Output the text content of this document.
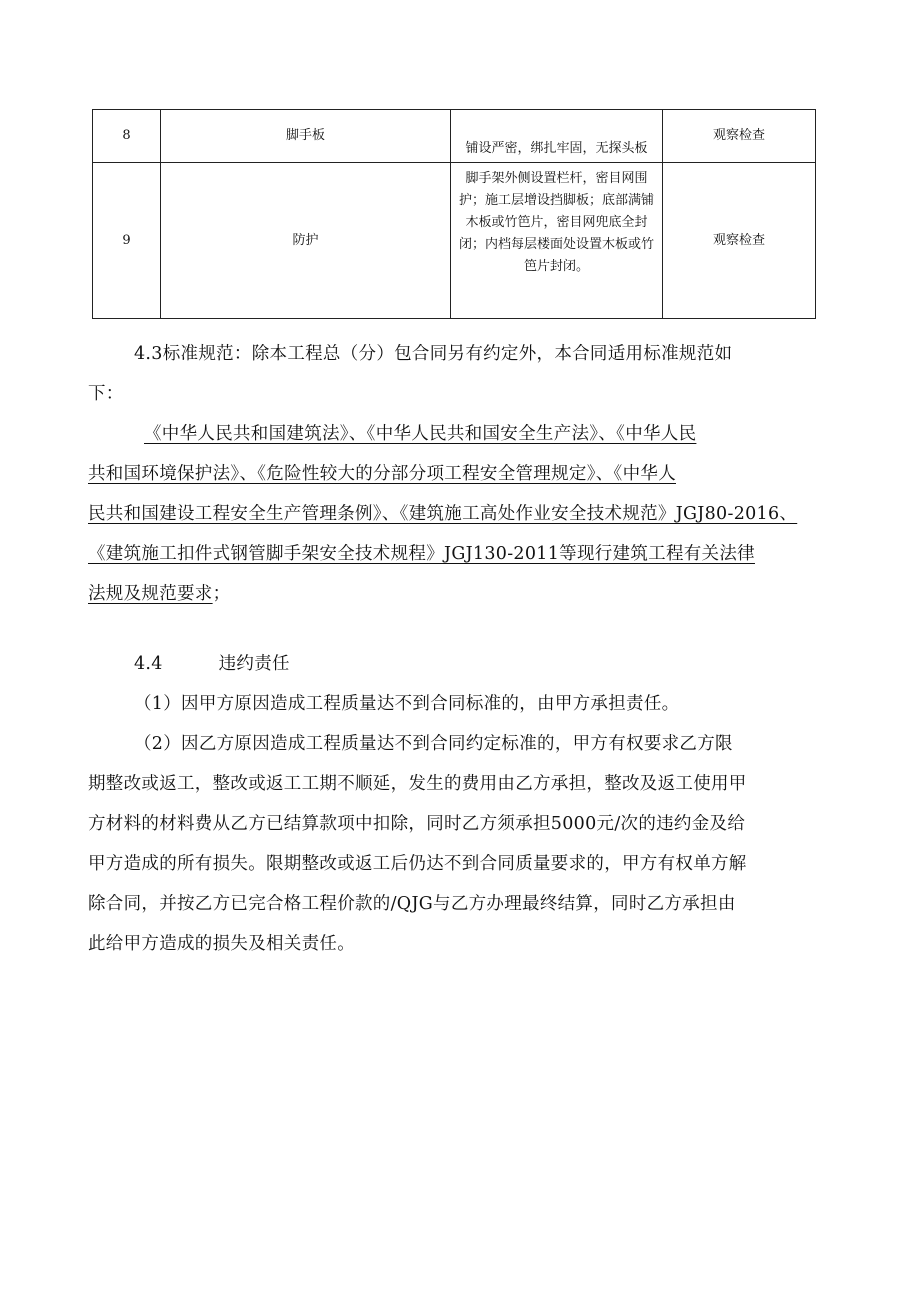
8	脚手板	铺设严密，绑扎牢固，无探头板	观察检查
9	防护	脚手架外侧设置栏杆，密目网围
护；施工层增设挡脚板；底部满铺
木板或竹笆片，密目网兜底全封
闭；内档每层楼面处设置木板或竹
笆片封闭。	观察检查
4.3标准规范：除本工程总（分）包合同另有约定外，本合同适用标准规范如
下：
《中华人民共和国建筑法》、《中华人民共和国安全生产法》、《中华人民
共和国环境保护法》、《危险性较大的分部分项工程安全管理规定》、《中华人
民共和国建设工程安全生产管理条例》、《建筑施工高处作业安全技术规范》JGJ80-2016、
《建筑施工扣件式钢管脚手架安全技术规程》JGJ130-2011等现行建筑工程有关法律
法规及规范要求；
4.4	违约责任
（1）因甲方原因造成工程质量达不到合同标准的，由甲方承担责任。
（2）因乙方原因造成工程质量达不到合同约定标准的，甲方有权要求乙方限
期整改或返工，整改或返工工期不顺延，发生的费用由乙方承担，整改及返工使用甲
方材料的材料费从乙方已结算款项中扣除，同时乙方须承担5000元/次的违约金及给
甲方造成的所有损失。限期整改或返工后仍达不到合同质量要求的，甲方有权单方解
除合同，并按乙方已完合格工程价款的/QJG与乙方办理最终结算，同时乙方承担由
此给甲方造成的损失及相关责任。
